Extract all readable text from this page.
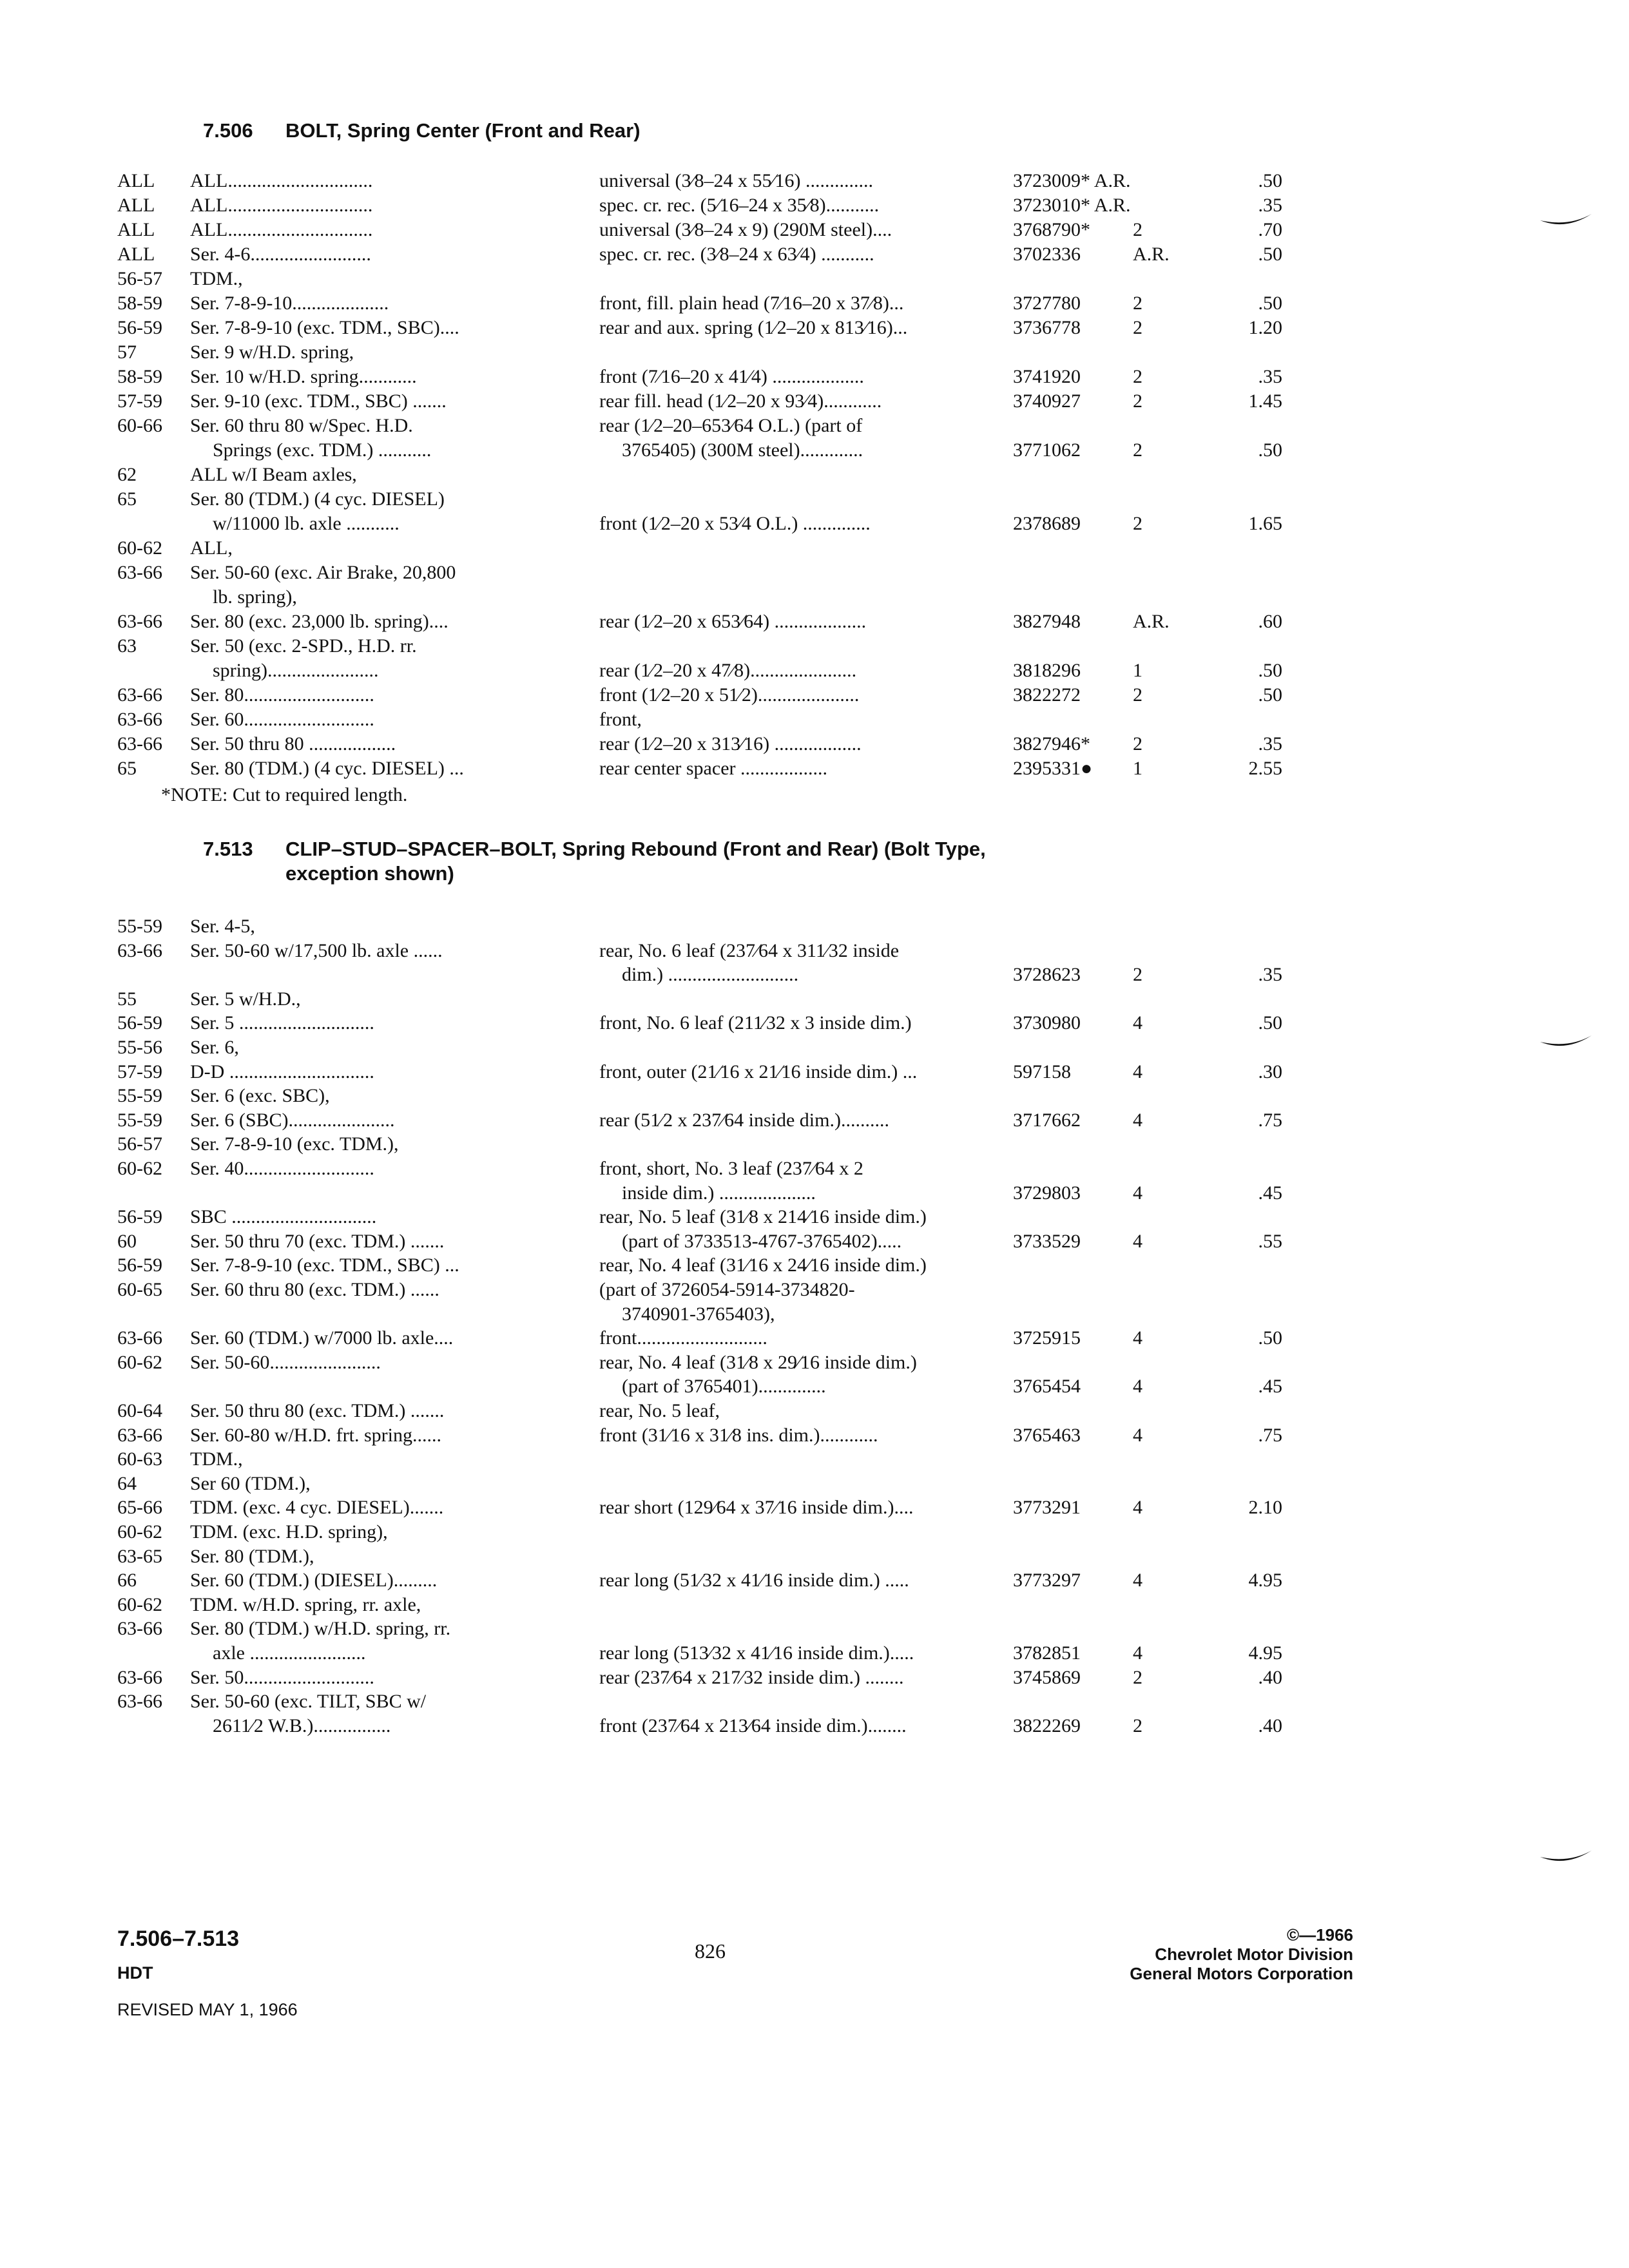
7.506 BOLT, Spring Center (Front and Rear)
ALL ALL..............................	universal (3⁄8–24 x 55⁄16) ..............	3723009* A.R.	.50
ALL ALL..............................	spec. cr. rec. (5⁄16–24 x 35⁄8)...........	3723010* A.R.	.35
ALL ALL..............................	universal (3⁄8–24 x 9) (290M steel)....	3768790* 2	.70
ALL Ser. 4-6.........................	spec. cr. rec. (3⁄8–24 x 63⁄4) ...........	3702336	A.R.	.50
56-57 TDM.,
58-59 Ser. 7-8-9-10....................	front, fill. plain head (7⁄16–20 x 37⁄8)...	3727780	2	.50
56-59 Ser. 7-8-9-10 (exc. TDM., SBC)....	rear and aux. spring (1⁄2–20 x 813⁄16)...	3736778	2	1.20
57	Ser. 9 w/H.D. spring,
58-59 Ser. 10 w/H.D. spring............	front (7⁄16–20 x 41⁄4) ...................	3741920	2	.35
57-59 Ser. 9-10 (exc. TDM., SBC) .......	rear fill. head (1⁄2–20 x 93⁄4)............	3740927	2	1.45
60-66 Ser. 60 thru 80 w/Spec. H.D.	rear (1⁄2–20–653⁄64 O.L.) (part of
Springs (exc. TDM.) ...........	3765405) (300M steel).............	3771062	2	.50
62	ALL w/I Beam axles,
65	Ser. 80 (TDM.) (4 cyc. DIESEL)
w/11000 lb. axle ...........	front (1⁄2–20 x 53⁄4 O.L.) ..............	2378689	2	1.65
60-62 ALL,
63-66 Ser. 50-60 (exc. Air Brake, 20,800
lb. spring),
63-66 Ser. 80 (exc. 23,000 lb. spring)....	rear (1⁄2–20 x 653⁄64) ...................	3827948	A.R.	.60
63	Ser. 50 (exc. 2-SPD., H.D. rr.
spring).......................	rear (1⁄2–20 x 47⁄8)......................	3818296	1	.50
63-66 Ser. 80...........................	front (1⁄2–20 x 51⁄2).....................	3822272	2	.50
63-66 Ser. 60...........................	front,
63-66 Ser. 50 thru 80 ..................	rear (1⁄2–20 x 313⁄16) ..................	3827946* 2	.35
65	Ser. 80 (TDM.) (4 cyc. DIESEL) ...	rear center spacer ..................	2395331● 1	2.55
*NOTE: Cut to required length.
7.513 CLIP–STUD–SPACER–BOLT, Spring Rebound (Front and Rear) (Bolt Type,
exception shown)
55-59 Ser. 4-5,
63-66 Ser. 50-60 w/17,500 lb. axle ......	rear, No. 6 leaf (237⁄64 x 311⁄32 inside
dim.) ...........................	3728623	2	.35
55	Ser. 5 w/H.D.,
56-59 Ser. 5 ............................	front, No. 6 leaf (211⁄32 x 3 inside dim.)	3730980	4	.50
55-56 Ser. 6,
57-59 D-D ..............................	front, outer (21⁄16 x 21⁄16 inside dim.) ...	597158	4	.30
55-59 Ser. 6 (exc. SBC),
55-59 Ser. 6 (SBC)......................	rear (51⁄2 x 237⁄64 inside dim.)..........	3717662	4	.75
56-57 Ser. 7-8-9-10 (exc. TDM.),
60-62 Ser. 40...........................	front, short, No. 3 leaf (237⁄64 x 2
inside dim.) ....................	3729803	4	.45
56-59 SBC ..............................	rear, No. 5 leaf (31⁄8 x 214⁄16 inside dim.)
60	Ser. 50 thru 70 (exc. TDM.) .......	(part of 3733513-4767-3765402).....	3733529	4	.55
56-59 Ser. 7-8-9-10 (exc. TDM., SBC) ...	rear, No. 4 leaf (31⁄16 x 24⁄16 inside dim.)
60-65 Ser. 60 thru 80 (exc. TDM.) ......	(part of 3726054-5914-3734820-
3740901-3765403),
63-66 Ser. 60 (TDM.) w/7000 lb. axle....	front...........................	3725915	4	.50
60-62 Ser. 50-60.......................	rear, No. 4 leaf (31⁄8 x 29⁄16 inside dim.)
(part of 3765401)..............	3765454	4	.45
60-64 Ser. 50 thru 80 (exc. TDM.) .......	rear, No. 5 leaf,
63-66 Ser. 60-80 w/H.D. frt. spring......	front (31⁄16 x 31⁄8 ins. dim.)............	3765463	4	.75
60-63 TDM.,
64	Ser 60 (TDM.),
65-66 TDM. (exc. 4 cyc. DIESEL).......	rear short (129⁄64 x 37⁄16 inside dim.)....	3773291	4	2.10
60-62 TDM. (exc. H.D. spring),
63-65 Ser. 80 (TDM.),
66	Ser. 60 (TDM.) (DIESEL).........	rear long (51⁄32 x 41⁄16 inside dim.) .....	3773297	4	4.95
60-62 TDM. w/H.D. spring, rr. axle,
63-66 Ser. 80 (TDM.) w/H.D. spring, rr.
axle ........................	rear long (513⁄32 x 41⁄16 inside dim.).....	3782851	4	4.95
63-66 Ser. 50...........................	rear (237⁄64 x 217⁄32 inside dim.) ........	3745869	2	.40
63-66 Ser. 50-60 (exc. TILT, SBC w/
2611⁄2 W.B.)................	front (237⁄64 x 213⁄64 inside dim.)........	3822269	2	.40
7.506–7.513
HDT
REVISED MAY 1, 1966
826
©—1966
Chevrolet Motor Division
General Motors Corporation
